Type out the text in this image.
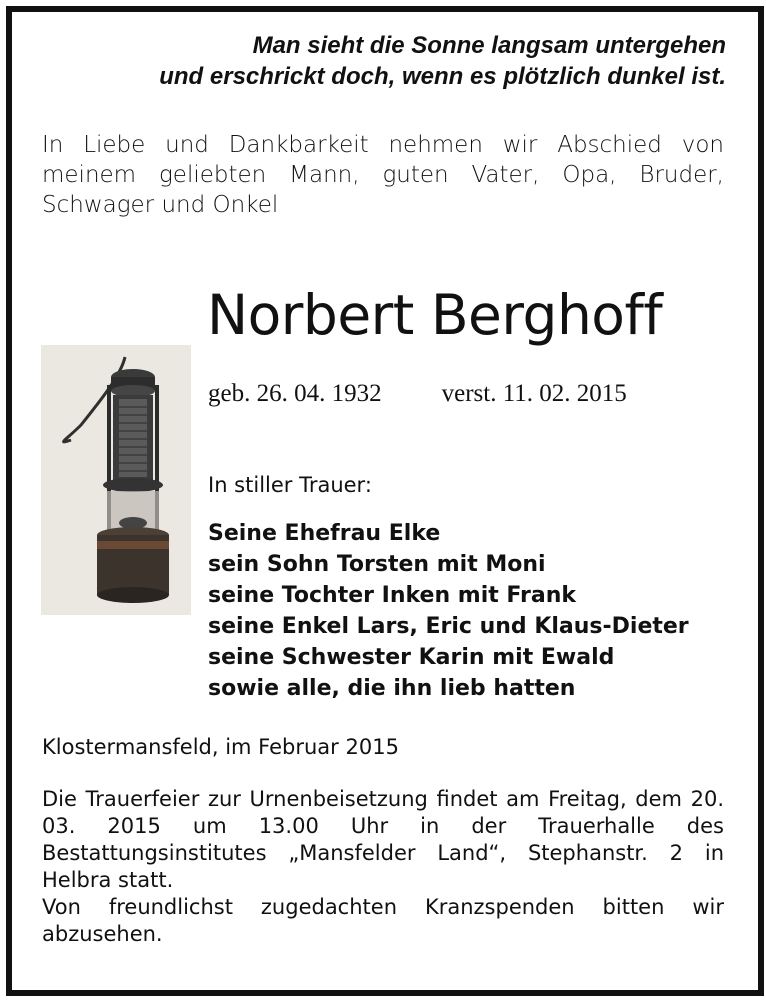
Man sieht die Sonne langsam untergehen
und erschrickt doch, wenn es plötzlich dunkel ist.
In Liebe und Dankbarkeit nehmen wir Abschied von meinem geliebten Mann, guten Vater, Opa, Bruder, Schwager und Onkel
Norbert Berghoff
geb. 26. 04. 1932 verst. 11. 02. 2015
In stiller Trauer:
Seine Ehefrau Elke
sein Sohn Torsten mit Moni
seine Tochter Inken mit Frank
seine Enkel Lars, Eric und Klaus-Dieter
seine Schwester Karin mit Ewald
sowie alle, die ihn lieb hatten
Klostermansfeld, im Februar 2015
Die Trauerfeier zur Urnenbeisetzung findet am Freitag, dem 20. 03. 2015 um 13.00 Uhr in der Trauerhalle des Bestattungsinstitutes „Mansfelder Land“, Stephanstr. 2 in Helbra statt.
Von freundlichst zugedachten Kranzspenden bitten wir abzusehen.
